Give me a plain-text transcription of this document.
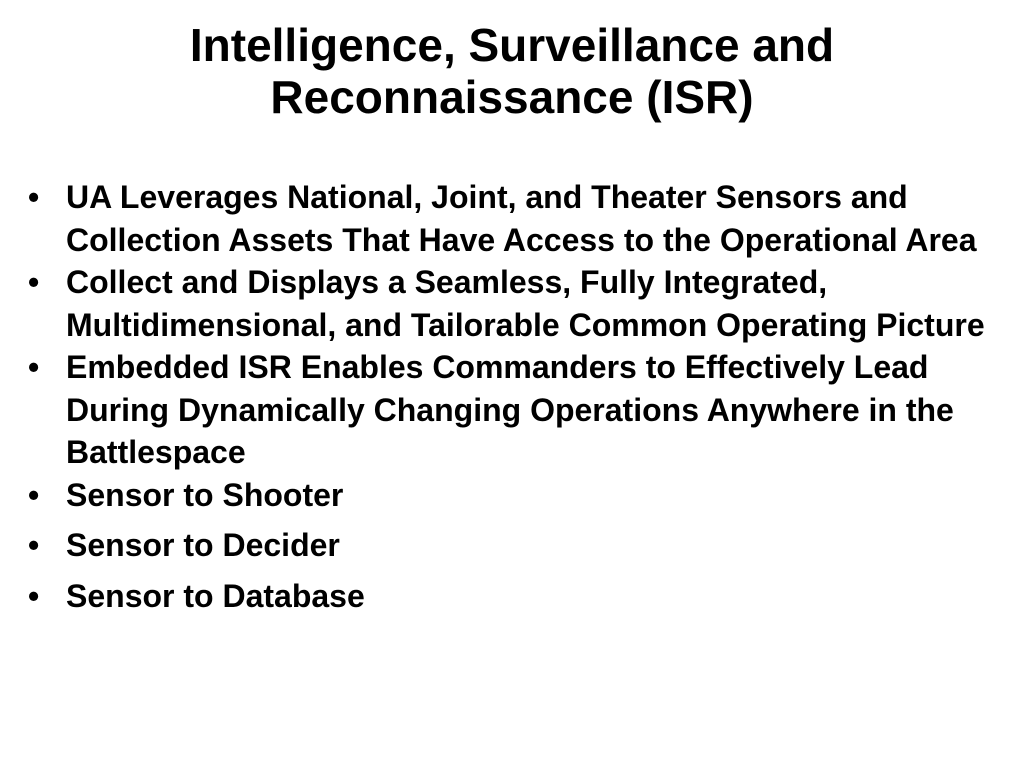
Intelligence, Surveillance and
Reconnaissance (ISR)
• UA Leverages National, Joint, and Theater Sensors and Collection Assets That Have Access to the Operational Area
• Collect and Displays a Seamless, Fully Integrated, Multidimensional, and Tailorable Common Operating Picture
• Embedded ISR Enables Commanders to Effectively Lead During Dynamically Changing Operations Anywhere in the Battlespace
• Sensor to Shooter
• Sensor to Decider
• Sensor to Database
